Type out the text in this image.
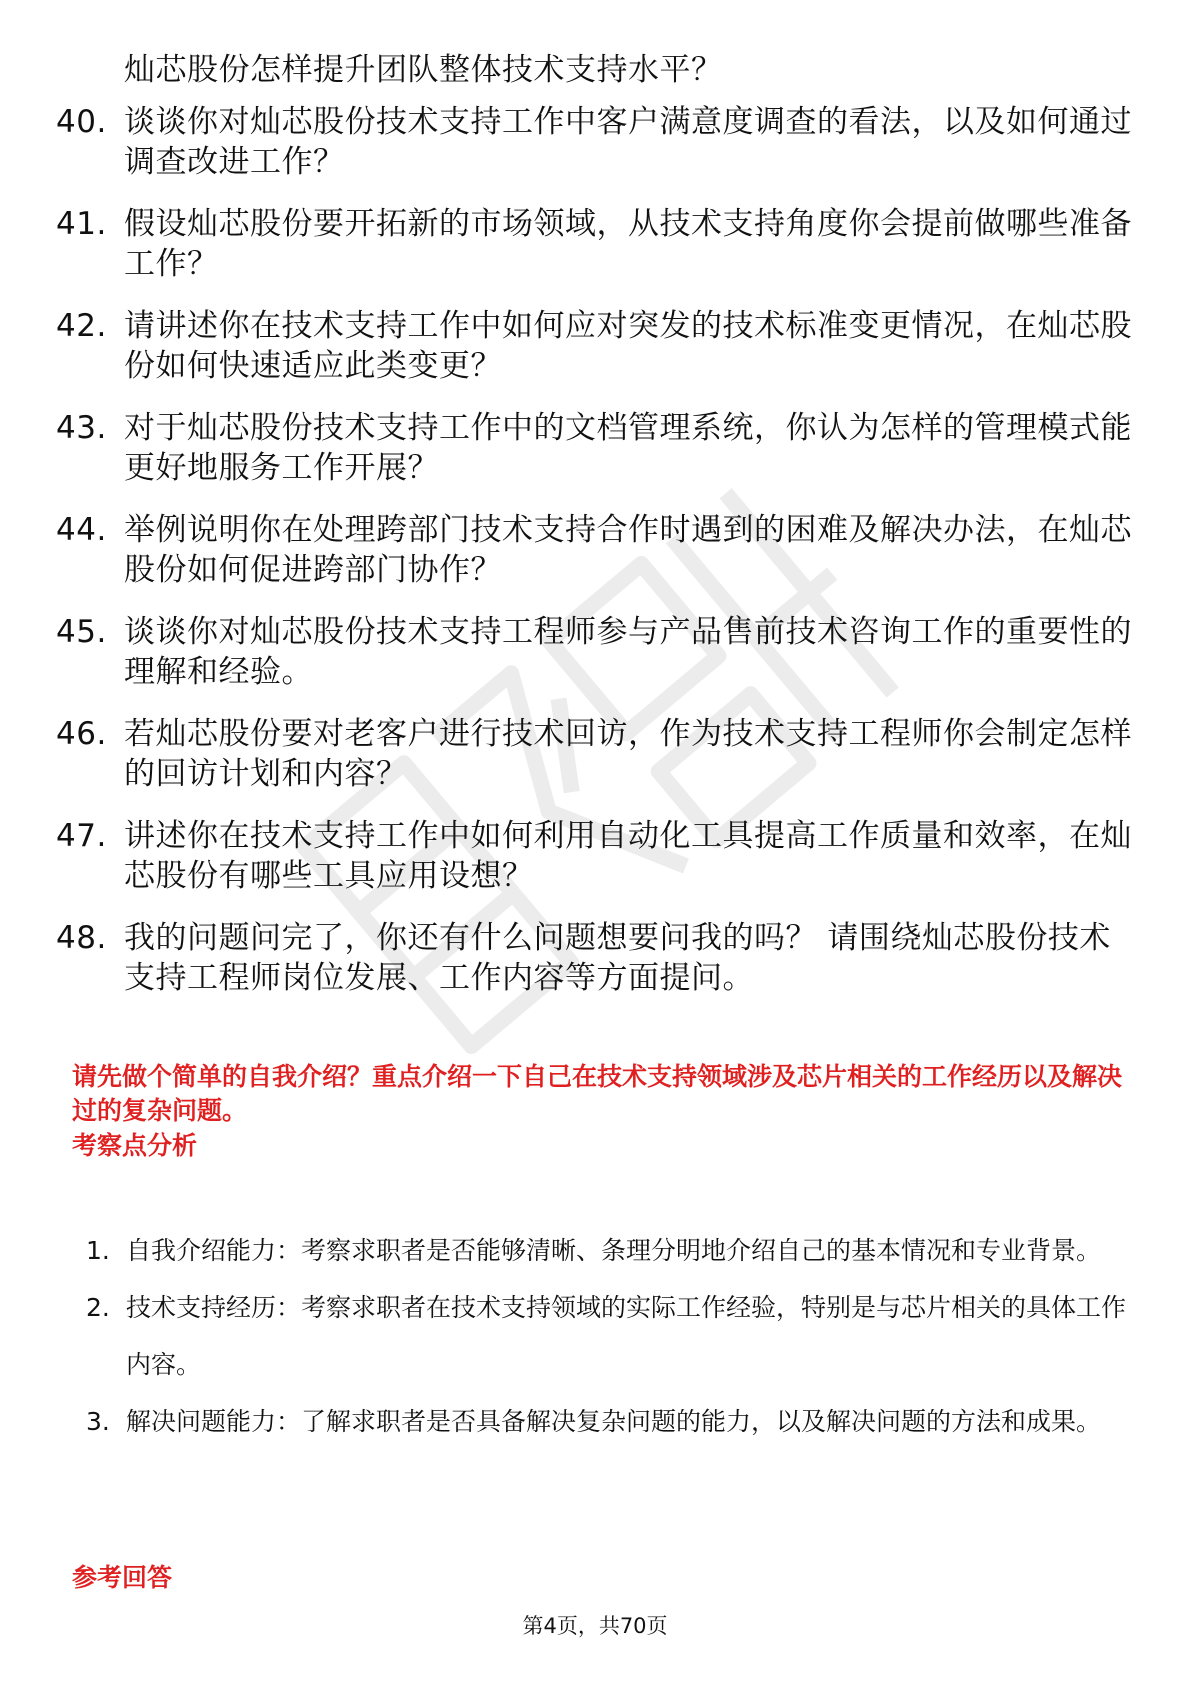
灿芯股份怎样提升团队整体技术支持水平？
40. 谈谈你对灿芯股份技术支持工作中客户满意度调查的看法，以及如何通过调查改进工作？
41. 假设灿芯股份要开拓新的市场领域，从技术支持角度你会提前做哪些准备工作？
42. 请讲述你在技术支持工作中如何应对突发的技术标准变更情况，在灿芯股份如何快速适应此类变更？
43. 对于灿芯股份技术支持工作中的文档管理系统，你认为怎样的管理模式能更好地服务工作开展？
44. 举例说明你在处理跨部门技术支持合作时遇到的困难及解决办法，在灿芯股份如何促进跨部门协作？
45. 谈谈你对灿芯股份技术支持工程师参与产品售前技术咨询工作的重要性的理解和经验。
46. 若灿芯股份要对老客户进行技术回访，作为技术支持工程师你会制定怎样的回访计划和内容？
47. 讲述你在技术支持工作中如何利用自动化工具提高工作质量和效率，在灿芯股份有哪些工具应用设想？
48. 我的问题问完了，你还有什么问题想要问我的吗？ 请围绕灿芯股份技术支持工程师岗位发展、工作内容等方面提问。
请先做个简单的自我介绍？重点介绍一下自己在技术支持领域涉及芯片相关的工作经历以及解决过的复杂问题。
考察点分析
1. 自我介绍能力：考察求职者是否能够清晰、条理分明地介绍自己的基本情况和专业背景。
2. 技术支持经历：考察求职者在技术支持领域的实际工作经验，特别是与芯片相关的具体工作内容。
3. 解决问题能力：了解求职者是否具备解决复杂问题的能力，以及解决问题的方法和成果。
参考回答
第4页，共70页
